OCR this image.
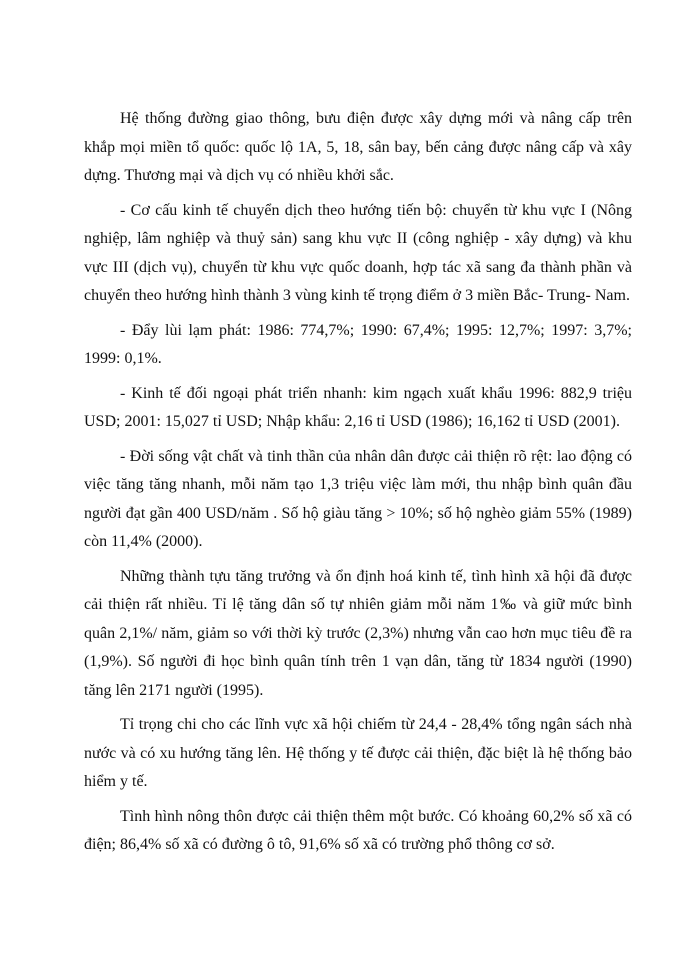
Hệ thống đường giao thông, bưu điện được xây dựng mới và nâng cấp trên khắp mọi miền tổ quốc: quốc lộ 1A, 5, 18, sân bay, bến cảng được nâng cấp và xây dựng. Thương mại và dịch vụ có nhiều khởi sắc.

- Cơ cấu kinh tế chuyển dịch theo hướng tiến bộ: chuyển từ khu vực I (Nông nghiệp, lâm nghiệp và thuỷ sản) sang khu vực II (công nghiệp - xây dựng) và khu vực III (dịch vụ), chuyển từ khu vực quốc doanh, hợp tác xã sang đa thành phần và chuyển theo hướng hình thành 3 vùng kinh tế trọng điểm ở 3 miền Bắc- Trung- Nam.

- Đẩy lùi lạm phát: 1986: 774,7%; 1990: 67,4%; 1995: 12,7%; 1997: 3,7%; 1999: 0,1%.

- Kinh tế đối ngoại phát triển nhanh: kim ngạch xuất khẩu 1996: 882,9 triệu USD; 2001: 15,027 tỉ USD; Nhập khẩu: 2,16 tỉ USD (1986); 16,162 tỉ USD (2001).

- Đời sống vật chất và tinh thần của nhân dân được cải thiện rõ rệt: lao động có việc tăng tăng nhanh, mỗi năm tạo 1,3 triệu việc làm mới, thu nhập bình quân đầu người đạt gần 400 USD/năm . Số hộ giàu tăng > 10%; số hộ nghèo giảm 55% (1989) còn 11,4% (2000).

Những thành tựu tăng trưởng và ổn định hoá kinh tế, tình hình xã hội đã được cải thiện rất nhiều. Tỉ lệ tăng dân số tự nhiên giảm mỗi năm 1‰ và giữ mức bình quân 2,1%/ năm, giảm so với thời kỳ trước (2,3%) nhưng vẫn cao hơn mục tiêu đề ra (1,9%). Số người đi học bình quân tính trên 1 vạn dân, tăng từ 1834 người (1990) tăng lên 2171 người (1995).

Tỉ trọng chi cho các lĩnh vực xã hội chiếm từ 24,4 - 28,4% tổng ngân sách nhà nước và có xu hướng tăng lên. Hệ thống y tế được cải thiện, đặc biệt là hệ thống bảo hiểm y tế.

Tình hình nông thôn được cải thiện thêm một bước. Có khoảng 60,2% số xã có điện; 86,4% số xã có đường ô tô, 91,6% số xã có trường phổ thông cơ sở.
